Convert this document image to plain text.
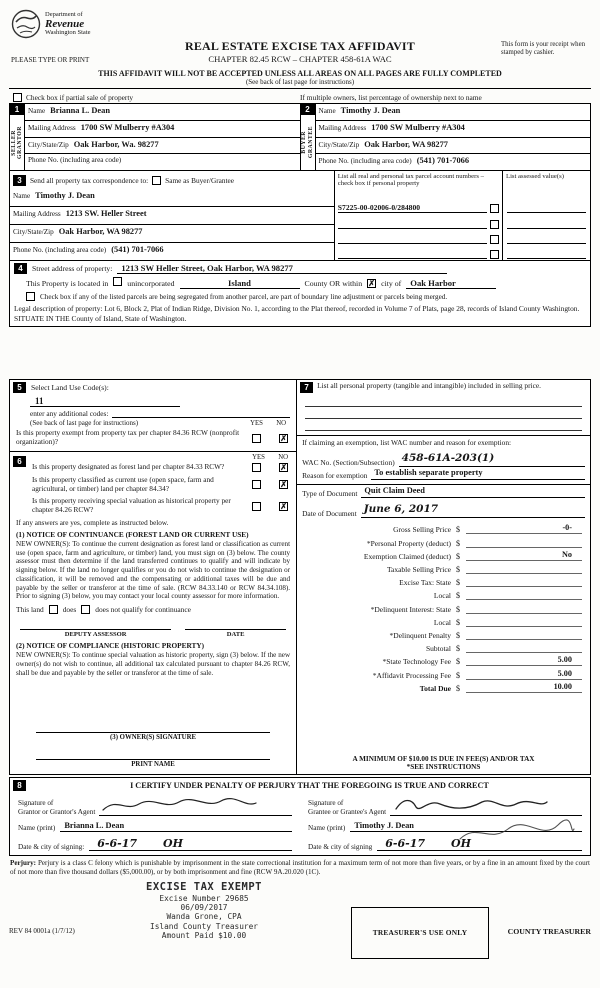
Department of
Revenue
Washington State
REAL ESTATE EXCISE TAX AFFIDAVIT
CHAPTER 82.45 RCW – CHAPTER 458-61A WAC
This form is your receipt when stamped by cashier.
PLEASE TYPE OR PRINT
THIS AFFIDAVIT WILL NOT BE ACCEPTED UNLESS ALL AREAS ON ALL PAGES ARE FULLY COMPLETED
(See back of last page for instructions)
Check box if partial sale of property	If multiple owners, list percentage of ownership next to name
1
SELLER GRANTOR
Name Brianna L. Dean
Mailing Address 1700 SW Mulberry #A304
City/State/Zip Oak Harbor, Wa. 98277
Phone No. (including area code)
2
BUYER GRANTEE
Name Timothy J. Dean
Mailing Address 1700 SW Mulberry #A304
City/State/Zip Oak Harbor, WA 98277
Phone No. (including area code) (541) 701-7066
3	Send all property tax correspondence to: Same as Buyer/Grantee
Name Timothy J. Dean
Mailing Address 1213 SW. Heller Street
City/State/Zip Oak Harbor, WA 98277
Phone No. (including area code) (541) 701-7066
List all real and personal tax parcel account numbers – check box if personal property
S7225-00-02006-0/284800
List assessed value(s)
4	Street address of property:	1213 SW Heller Street, Oak Harbor, WA 98277
This Property is located in unincorporated	Island	County OR within ✗ city of	Oak Harbor
Check box if any of the listed parcels are being segregated from another parcel, are part of boundary line adjustment or parcels being merged.
Legal description of property: Lot 6, Block 2, Plat of Indian Ridge, Division No. 1, according to the Plat thereof, recorded in Volume 7 of Plats, page 28, records of Island County Washington.
SITUATE IN THE County of Island, State of Washington.
5	Select Land Use Code(s):
11
enter any additional codes:
(See back of last page for instructions)	YES NO
Is this property exempt from property tax per chapter 84.36 RCW (nonprofit organization)?	✗
6	YES NO
Is this property designated as forest land per chapter 84.33 RCW?	✗
Is this property classified as current use (open space, farm and agricultural, or timber) land per chapter 84.34?	✗
Is this property receiving special valuation as historical property per chapter 84.26 RCW?	✗
If any answers are yes, complete as instructed below.
(1) NOTICE OF CONTINUANCE (FOREST LAND OR CURRENT USE)
NEW OWNER(S): To continue the current designation as forest land or classification as current use (open space, farm and agriculture, or timber) land, you must sign on (3) below. The county assessor must then determine if the land transferred continues to qualify and will indicate by signing below. If the land no longer qualifies or you do not wish to continue the designation or classification, it will be removed and the compensating or additional taxes will be due and payable by the seller or transferor at the time of sale. (RCW 84.33.140 or RCW 84.34.108). Prior to signing (3) below, you may contact your local county assessor for more information.
This land	does	does not qualify for continuance
DEPUTY ASSESSOR	DATE
(2) NOTICE OF COMPLIANCE (HISTORIC PROPERTY)
NEW OWNER(S): To continue special valuation as historic property, sign (3) below. If the new owner(s) do not wish to continue, all additional tax calculated pursuant to chapter 84.26 RCW, shall be due and payable by the seller or transferor at the time of sale.
(3) OWNER(S) SIGNATURE
PRINT NAME
7	List all personal property (tangible and intangible) included in selling price.
If claiming an exemption, list WAC number and reason for exemption:
WAC No. (Section/Subsection) 458-61A-203(1)
Reason for exemption To establish separate property
Type of Document Quit Claim Deed
Date of Document June 6, 2017
Gross Selling Price $	-0-
*Personal Property (deduct) $
Exemption Claimed (deduct) $	No
Taxable Selling Price $
Excise Tax: State $
Local $
*Delinquent Interest: State $
Local $
*Delinquent Penalty $
Subtotal $
*State Technology Fee $	5.00
*Affidavit Processing Fee $	5.00
Total Due $	10.00
A MINIMUM OF $10.00 IS DUE IN FEE(S) AND/OR TAX
*SEE INSTRUCTIONS
8	I CERTIFY UNDER PENALTY OF PERJURY THAT THE FOREGOING IS TRUE AND CORRECT
Signature of
Grantor or Grantor's Agent
Name (print)	Brianna L. Dean
Date & city of signing: 6-6-17 OH
Signature of
Grantee or Grantee's Agent
Name (print)	Timothy J. Dean
Date & city of signing 6-6-17 OH
Perjury: Perjury is a class C felony which is punishable by imprisonment in the state correctional institution for a maximum term of not more than five years, or by a fine in an amount fixed by the court of not more than five thousand dollars ($5,000.00), or by both imprisonment and fine (RCW 9A.20.020 (1C).
EXCISE TAX EXEMPT
Excise Number 29685
06/09/2017
Wanda Grone, CPA
Island County Treasurer
Amount Paid $10.00
REV 84 0001a (1/7/12)	TREASURER'S USE ONLY	COUNTY TREASURER
